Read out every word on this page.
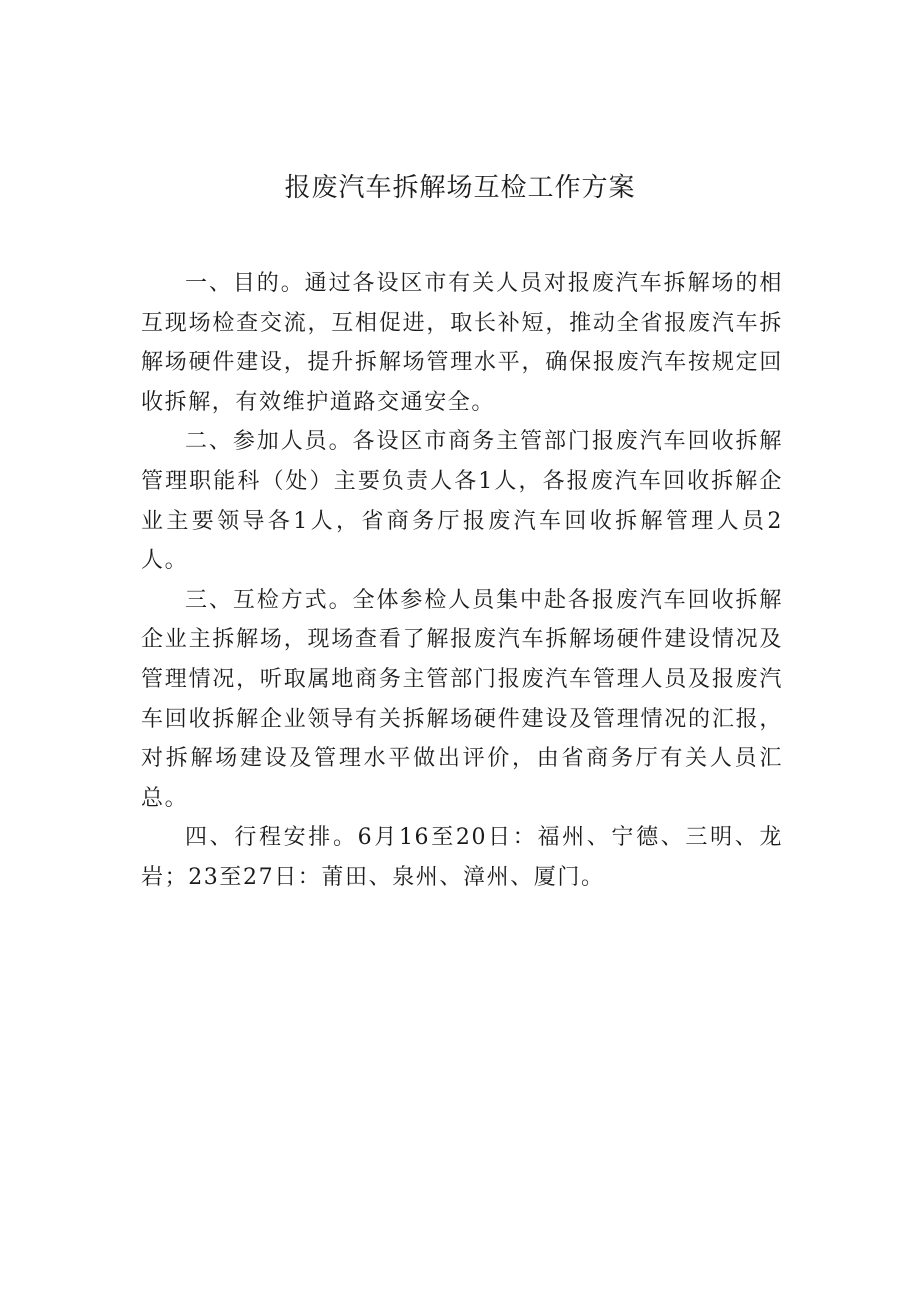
报废汽车拆解场互检工作方案

一、目的。通过各设区市有关人员对报废汽车拆解场的相互现场检查交流，互相促进，取长补短，推动全省报废汽车拆解场硬件建设，提升拆解场管理水平，确保报废汽车按规定回收拆解，有效维护道路交通安全。

二、参加人员。各设区市商务主管部门报废汽车回收拆解管理职能科（处）主要负责人各1人，各报废汽车回收拆解企业主要领导各1人，省商务厅报废汽车回收拆解管理人员2人。

三、互检方式。全体参检人员集中赴各报废汽车回收拆解企业主拆解场，现场查看了解报废汽车拆解场硬件建设情况及管理情况，听取属地商务主管部门报废汽车管理人员及报废汽车回收拆解企业领导有关拆解场硬件建设及管理情况的汇报，对拆解场建设及管理水平做出评价，由省商务厅有关人员汇总。

四、行程安排。6月16至20日：福州、宁德、三明、龙岩；23至27日：莆田、泉州、漳州、厦门。
